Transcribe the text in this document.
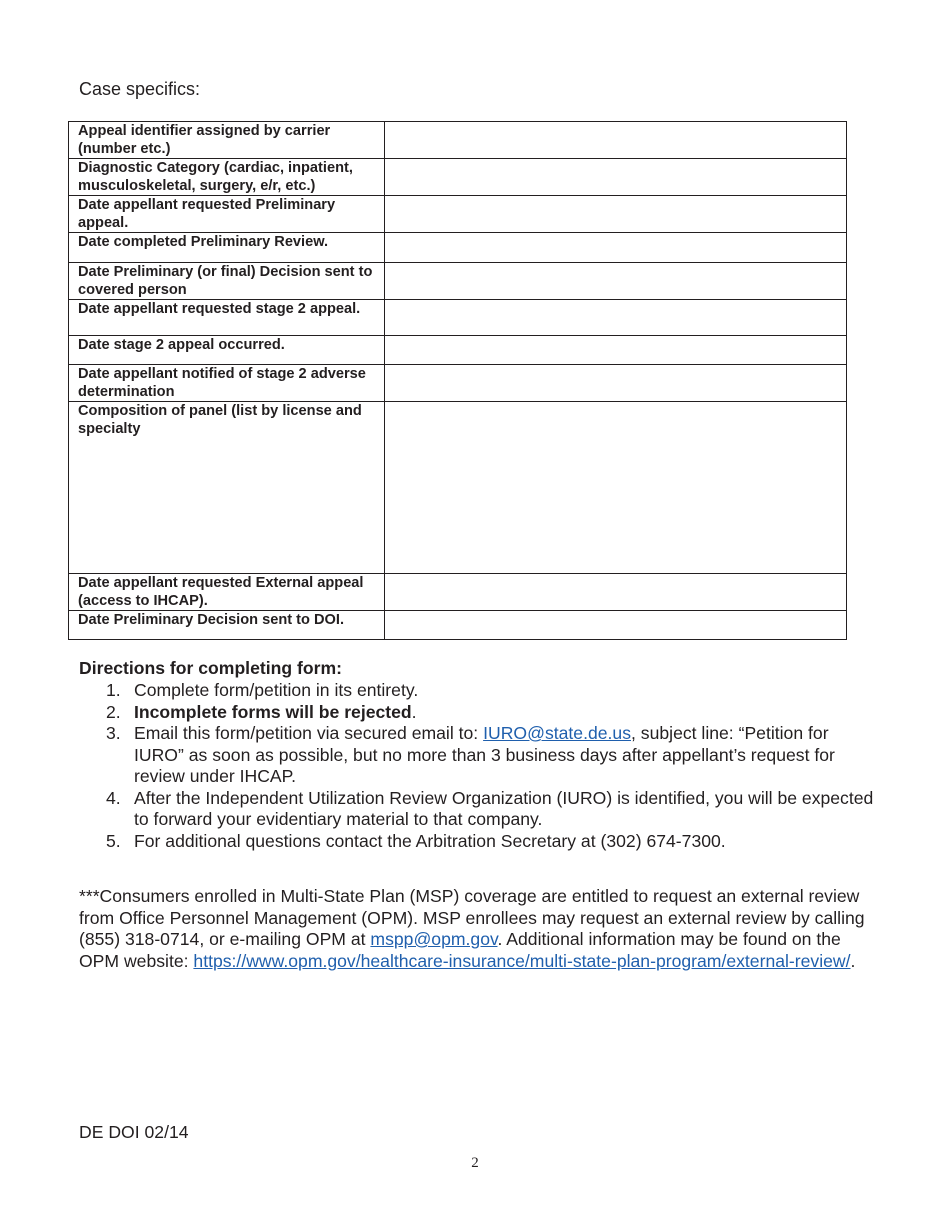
Case specifics:
Appeal identifier assigned by carrier (number etc.)	
Diagnostic Category (cardiac, inpatient, musculoskeletal, surgery, e/r, etc.)	
Date appellant requested Preliminary appeal.	
Date completed Preliminary Review.	
Date Preliminary (or final) Decision sent to covered person	
Date appellant requested stage 2 appeal.	
Date stage 2 appeal occurred.	
Date appellant notified of stage 2 adverse determination	
Composition of panel (list by license and specialty	
Date appellant requested External appeal (access to IHCAP).	
Date Preliminary Decision sent to DOI.	
Directions for completing form:
1. Complete form/petition in its entirety.
2. Incomplete forms will be rejected.
3. Email this form/petition via secured email to: IURO@state.de.us, subject line: “Petition for IURO” as soon as possible, but no more than 3 business days after appellant’s request for review under IHCAP.
4. After the Independent Utilization Review Organization (IURO) is identified, you will be expected to forward your evidentiary material to that company.
5. For additional questions contact the Arbitration Secretary at (302) 674-7300.
***Consumers enrolled in Multi-State Plan (MSP) coverage are entitled to request an external review from Office Personnel Management (OPM). MSP enrollees may request an external review by calling (855) 318-0714, or e-mailing OPM at mspp@opm.gov. Additional information may be found on the OPM website: https://www.opm.gov/healthcare-insurance/multi-state-plan-program/external-review/.
DE DOI 02/14
2
